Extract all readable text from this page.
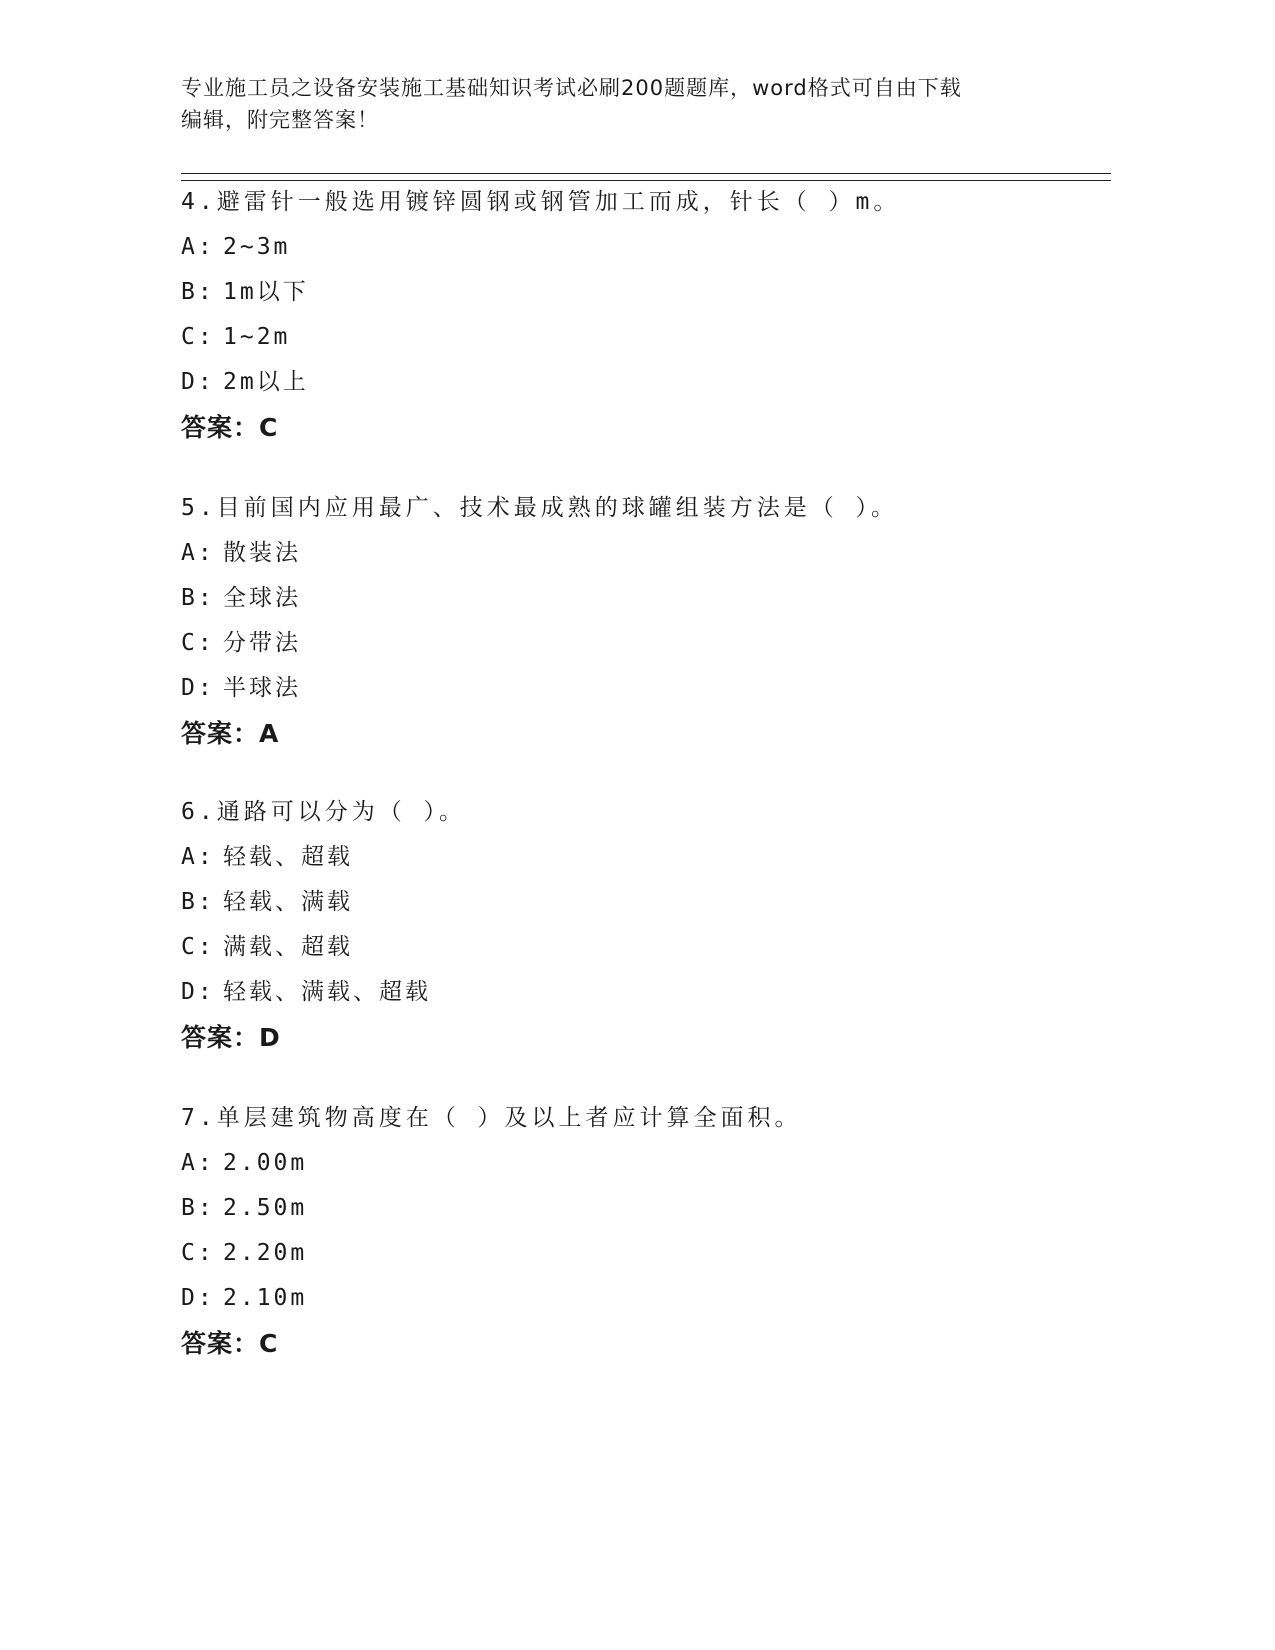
专业施工员之设备安装施工基础知识考试必刷200题题库，word格式可自由下载
编辑，附完整答案！
4.避雷针一般选用镀锌圆钢或钢管加工而成，针长（ ）m。
A: 2~3m
B: 1m以下
C: 1~2m
D: 2m以上
答案：C
5.目前国内应用最广、技术最成熟的球罐组装方法是（ ）。
A: 散装法
B: 全球法
C: 分带法
D: 半球法
答案：A
6.通路可以分为（ ）。
A: 轻载、超载
B: 轻载、满载
C: 满载、超载
D: 轻载、满载、超载
答案：D
7.单层建筑物高度在（ ）及以上者应计算全面积。
A: 2.00m
B: 2.50m
C: 2.20m
D: 2.10m
答案：C
